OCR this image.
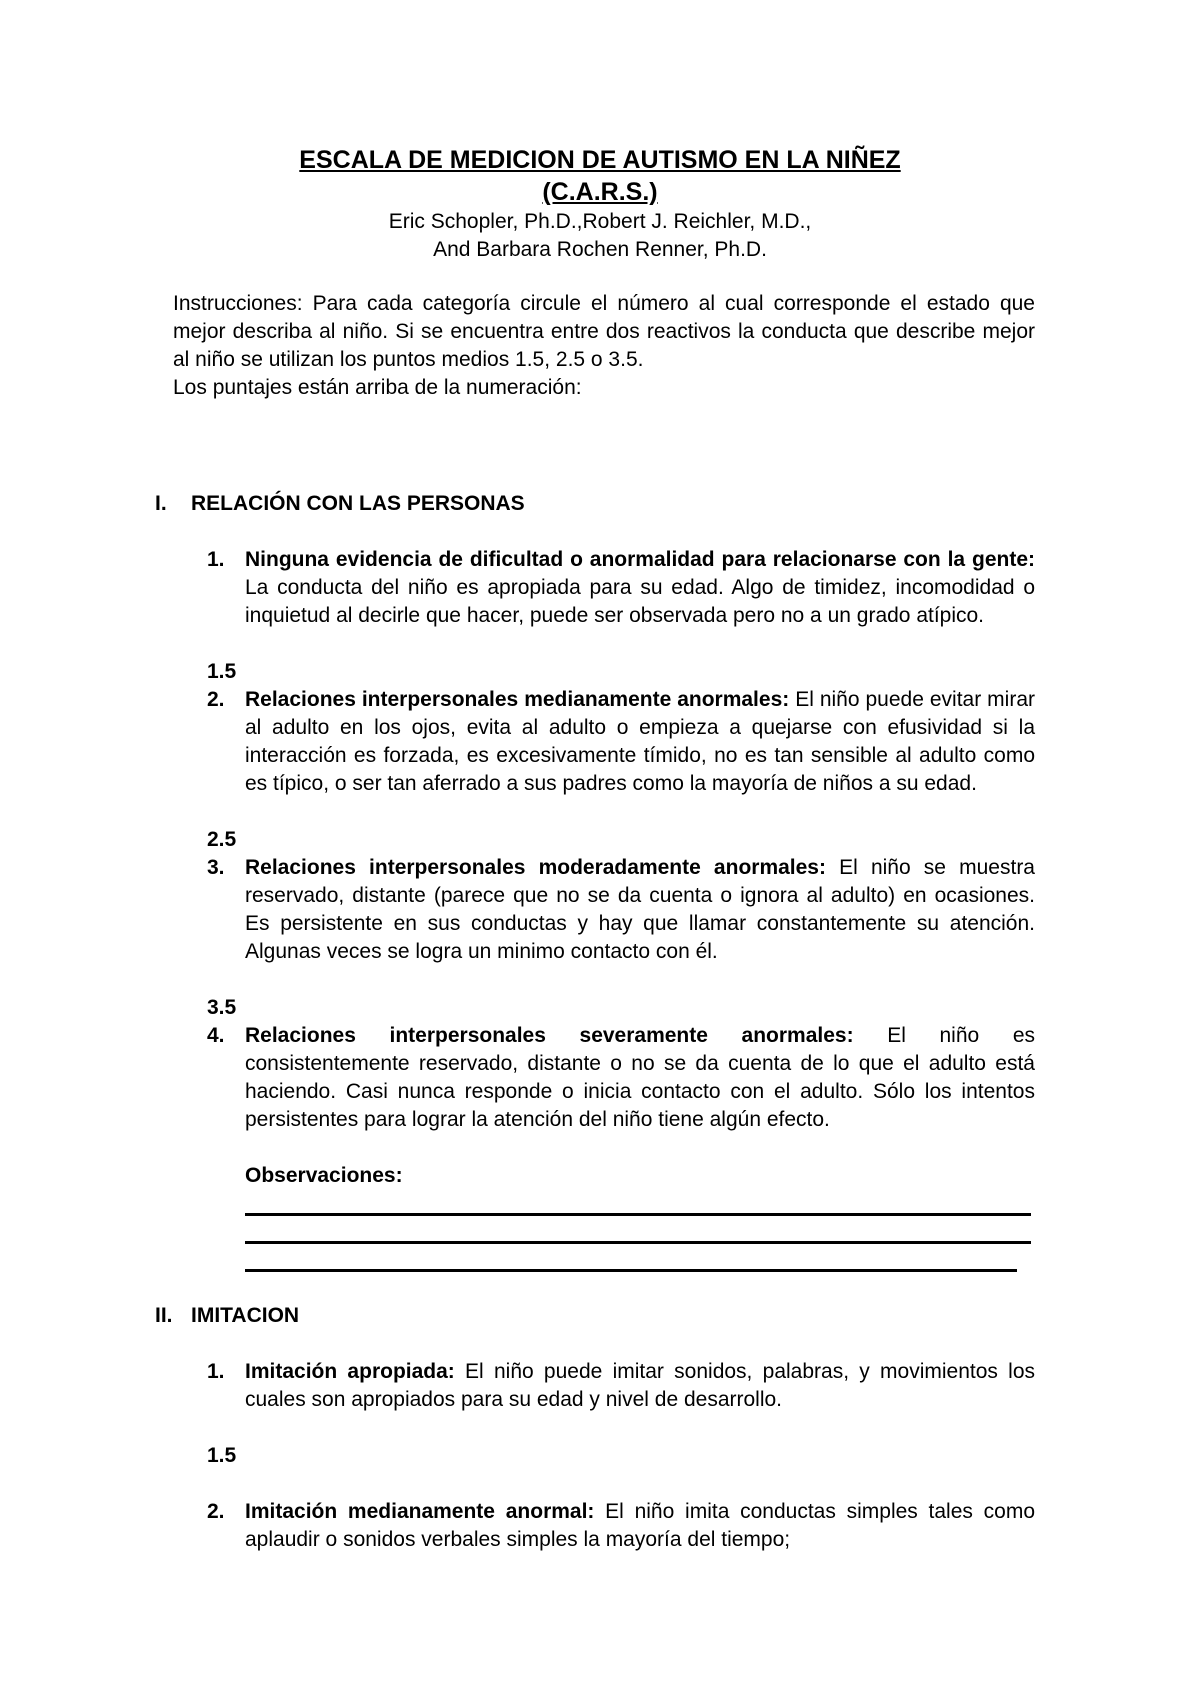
ESCALA DE MEDICION DE AUTISMO EN LA NIÑEZ
(C.A.R.S.)
Eric Schopler, Ph.D.,Robert J. Reichler, M.D.,
And Barbara Rochen Renner, Ph.D.

Instrucciones: Para cada categoría circule el número al cual corresponde el estado que mejor describa al niño. Si se encuentra entre dos reactivos la conducta que describe mejor al niño se utilizan los puntos medios 1.5, 2.5 o 3.5.

Los puntajes están arriba de la numeración:

I. RELACIÓN CON LAS PERSONAS
1. Ninguna evidencia de dificultad o anormalidad para relacionarse con la gente: La conducta del niño es apropiada para su edad. Algo de timidez, incomodidad o inquietud al decirle que hacer, puede ser observada pero no a un grado atípico.
1.5
2. Relaciones interpersonales medianamente anormales: El niño puede evitar mirar al adulto en los ojos, evita al adulto o empieza a quejarse con efusividad si la interacción es forzada, es excesivamente tímido, no es tan sensible al adulto como es típico, o ser tan aferrado a sus padres como la mayoría de niños a su edad.
2.5
3. Relaciones interpersonales moderadamente anormales: El niño se muestra reservado, distante (parece que no se da cuenta o ignora al adulto) en ocasiones. Es persistente en sus conductas y hay que llamar constantemente su atención. Algunas veces se logra un minimo contacto con él.
3.5
4. Relaciones interpersonales severamente anormales: El niño es consistentemente reservado, distante o no se da cuenta de lo que el adulto está haciendo. Casi nunca responde o inicia contacto con el adulto. Sólo los intentos persistentes para lograr la atención del niño tiene algún efecto.
Observaciones:
II. IMITACION
1. Imitación apropiada: El niño puede imitar sonidos, palabras, y movimientos los cuales son apropiados para su edad y nivel de desarrollo.
1.5
2. Imitación medianamente anormal: El niño imita conductas simples tales como aplaudir o sonidos verbales simples la mayoría del tiempo;
